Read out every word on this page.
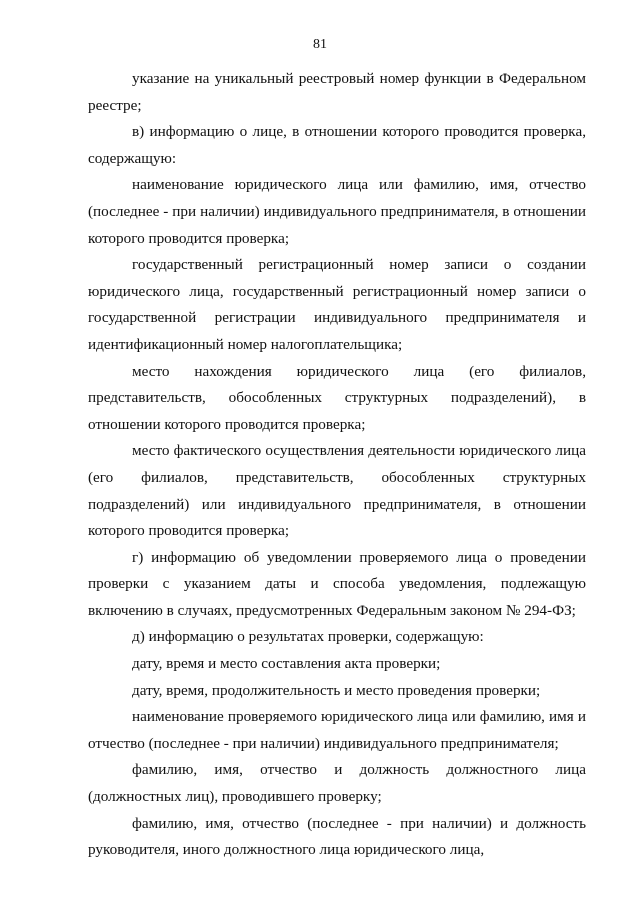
81

указание на уникальный реестровый номер функции в Федеральном реестре;

в) информацию о лице, в отношении которого проводится проверка, содержащую:

наименование юридического лица или фамилию, имя, отчество (последнее - при наличии) индивидуального предпринимателя, в отношении которого проводится проверка;

государственный регистрационный номер записи о создании юридического лица, государственный регистрационный номер записи о государственной регистрации индивидуального предпринимателя и идентификационный номер налогоплательщика;

место нахождения юридического лица (его филиалов, представительств, обособленных структурных подразделений), в отношении которого проводится проверка;

место фактического осуществления деятельности юридического лица (его филиалов, представительств, обособленных структурных подразделений) или индивидуального предпринимателя, в отношении которого проводится проверка;

г) информацию об уведомлении проверяемого лица о проведении проверки с указанием даты и способа уведомления, подлежащую включению в случаях, предусмотренных Федеральным законом № 294-ФЗ;

д) информацию о результатах проверки, содержащую:

дату, время и место составления акта проверки;

дату, время, продолжительность и место проведения проверки;

наименование проверяемого юридического лица или фамилию, имя и отчество (последнее - при наличии) индивидуального предпринимателя;

фамилию, имя, отчество и должность должностного лица (должностных лиц), проводившего проверку;

фамилию, имя, отчество (последнее - при наличии) и должность руководителя, иного должностного лица юридического лица,
